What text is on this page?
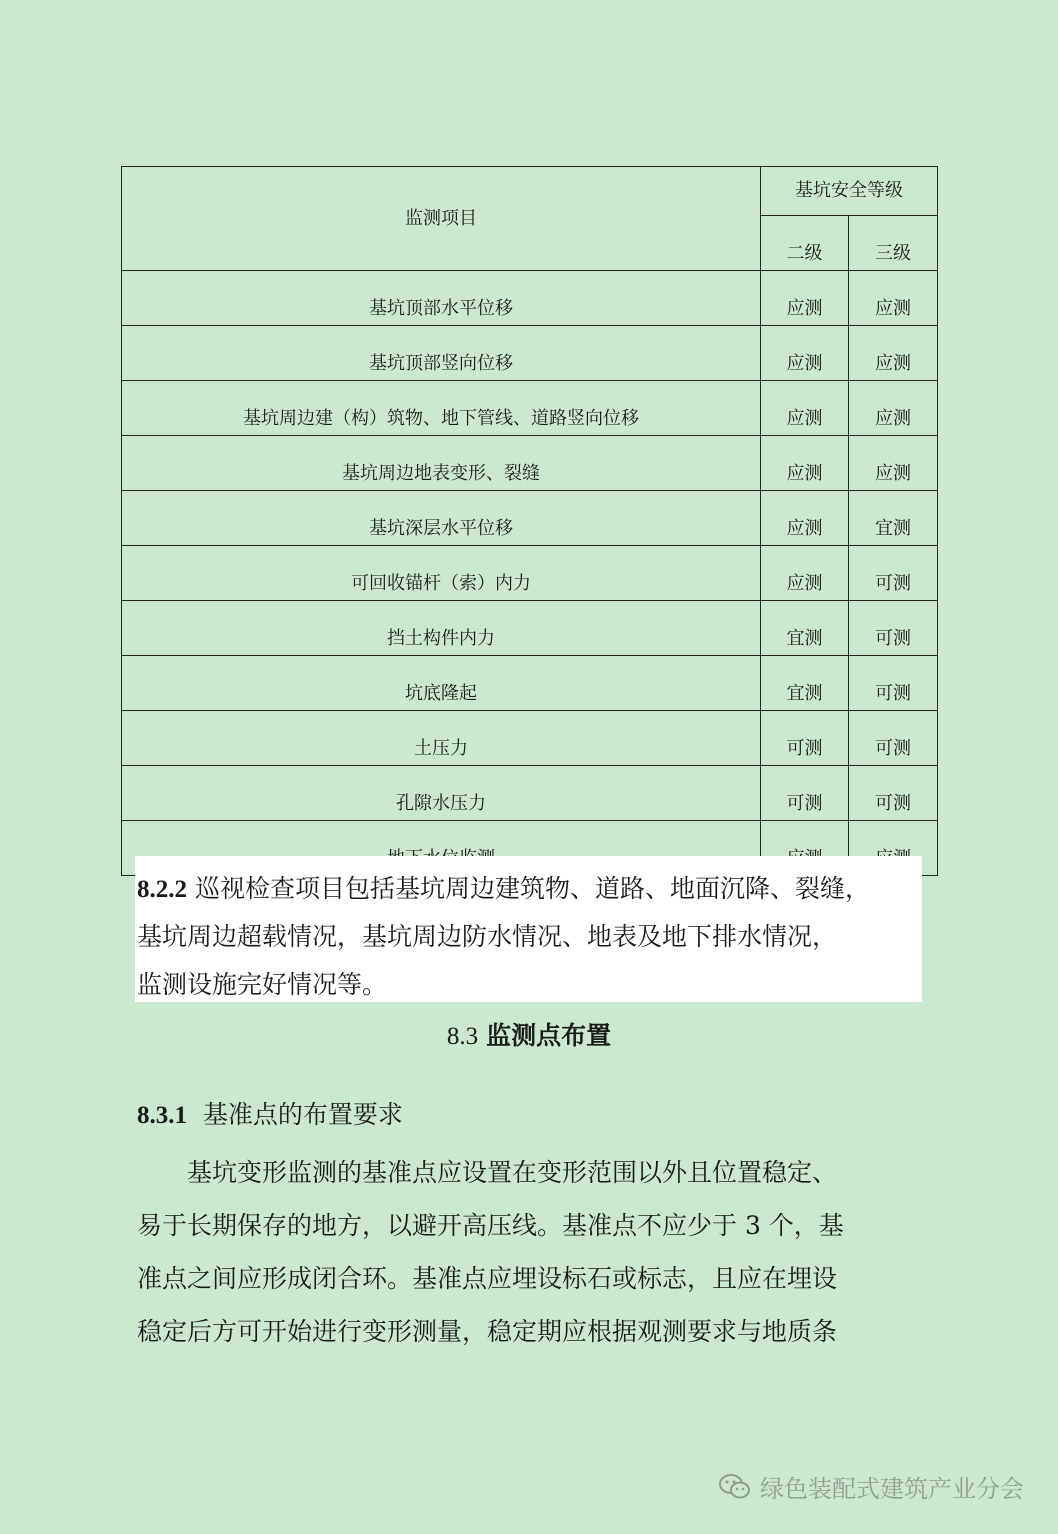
监测项目	基坑安全等级	
	二级	三级
基坑顶部水平位移	应测	应测
基坑顶部竖向位移	应测	应测
基坑周边建（构）筑物、地下管线、道路竖向位移	应测	应测
基坑周边地表变形、裂缝	应测	应测
基坑深层水平位移	应测	宜测
可回收锚杆（索）内力	应测	可测
挡土构件内力	宜测	可测
坑底隆起	宜测	可测
土压力	可测	可测
孔隙水压力	可测	可测

8.2.2 巡视检查项目包括基坑周边建筑物、道路、地面沉降、裂缝，
基坑周边超载情况，基坑周边防水情况、地表及地下排水情况，
监测设施完好情况等。
8.3 监测点布置
8.3.1 基准点的布置要求
基坑变形监测的基准点应设置在变形范围以外且位置稳定、
易于长期保存的地方，以避开高压线。基准点不应少于 3 个，基
准点之间应形成闭合环。基准点应埋设标石或标志，且应在埋设
稳定后方可开始进行变形测量，稳定期应根据观测要求与地质条
绿色装配式建筑产业分会
